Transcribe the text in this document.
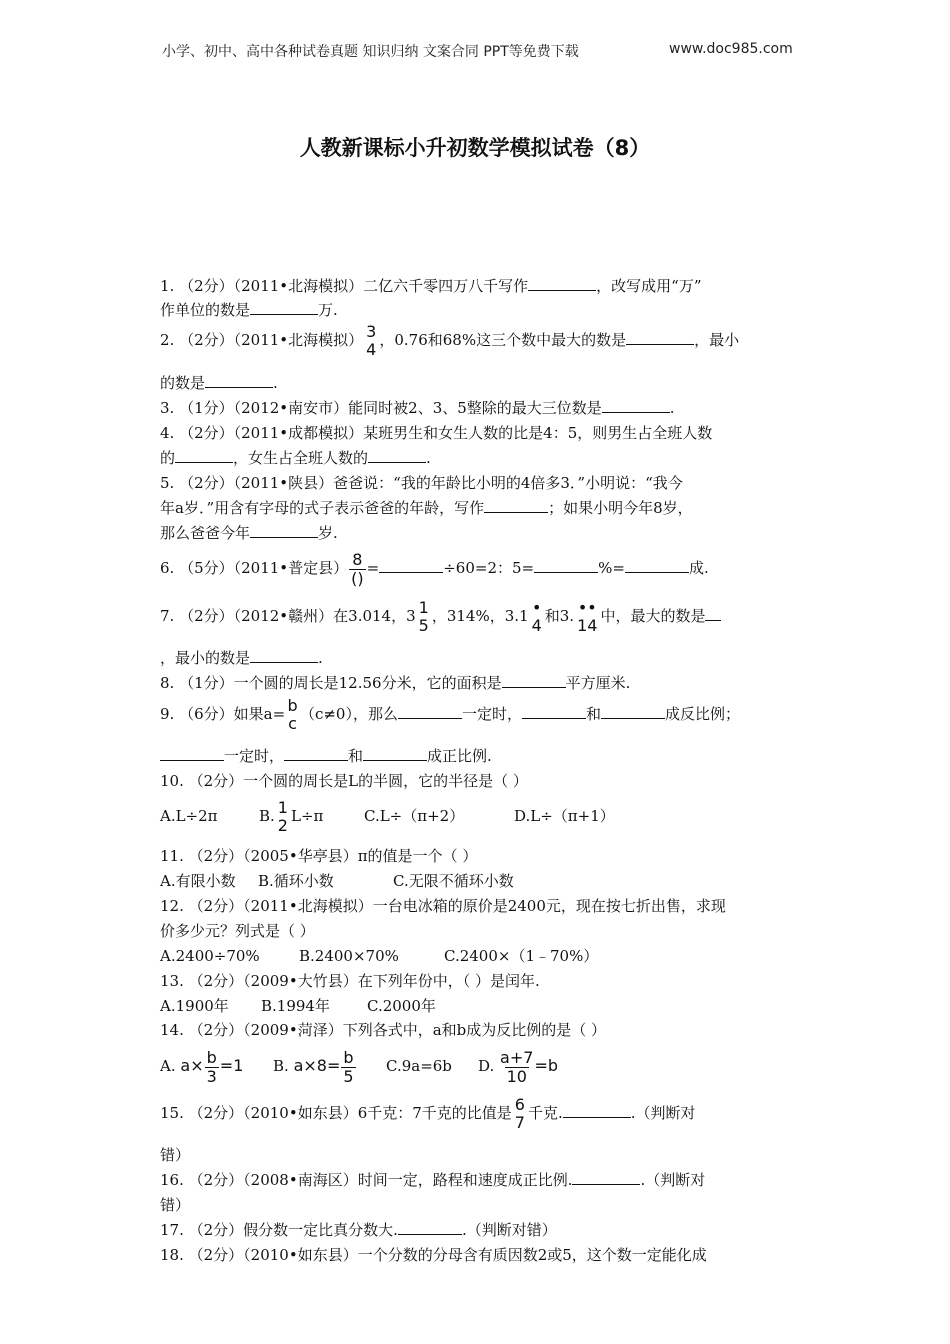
小学、初中、高中各种试卷真题 知识归纳 文案合同 PPT等免费下载	www.doc985.com
人教新课标小升初数学模拟试卷（8）
1. （2分）（2011•北海模拟）二亿六千零四万八千写作	，改写成用“万”
作单位的数是	万.
2. （2分）（2011•北海模拟） 3
4 ，0.76和68%这三个数中最大的数是	，最小
的数是	.
3. （1分）（2012•南安市）能同时被2、3、5整除的最大三位数是	.
4. （2分）（2011•成都模拟）某班男生和女生人数的比是4：5，则男生占全班人数
的	，女生占全班人数的	.
5. （2分）（2011•陕县）爸爸说：“我的年龄比小明的4倍多3．”小明说：“我今
年a岁．”用含有字母的式子表示爸爸的年龄，写作	；如果小明今年8岁，
那么爸爸今年	岁.
6. （5分）（2011•普定县） 8
()
=	÷60=2：5=	%=	成.
7. （2分）（2012•赣州）在3.014，3 1
5 ，314%，3.1 •
4 和3. ••
14 中，最大的数是
，最小的数是	.
8. （1分）一个圆的周长是12.56分米，它的面积是	平方厘米.
9. （6分）如果a= b
c （c≠0），那么	一定时，	和	成反比例；
一定时，	和	成正比例.
10. （2分）一个圆的周长是L的半圆，它的半径是（ ）
A.L÷2π	B. 1
2 L÷π	C.L÷（π+2）	D.L÷（π+1）
11. （2分）（2005•华亭县）π的值是一个（ ）
A.有限小数 B.循环小数	C.无限不循环小数
12. （2分）（2011•北海模拟）一台电冰箱的原价是2400元，现在按七折出售，求现
价多少元？列式是（ ）
A.2400÷70%	B.2400×70%	C.2400×（1﹣70%）
13. （2分）（2009•大竹县）在下列年份中，（ ）是闰年.
A.1900年 B.1994年 C.2000年
14. （2分）（2009•菏泽）下列各式中，a和b成为反比例的是（ ）
A. $a\times \frac{b}{3} =1$ B. $a\times 8= \frac{b}{5} C.9a=6b$ D. $\frac{a+7}{10} =b$
15. （2分）（2010•如东县）6千克：7千克的比值是 6
7 千克.	.（判断对
错）
16. （2分）（2008•南海区）时间一定，路程和速度成正比例.	.（判断对
错）
17. （2分）假分数一定比真分数大.	.（判断对错）
18. （2分）（2010•如东县）一个分数的分母含有质因数2或5，这个数一定能化成
